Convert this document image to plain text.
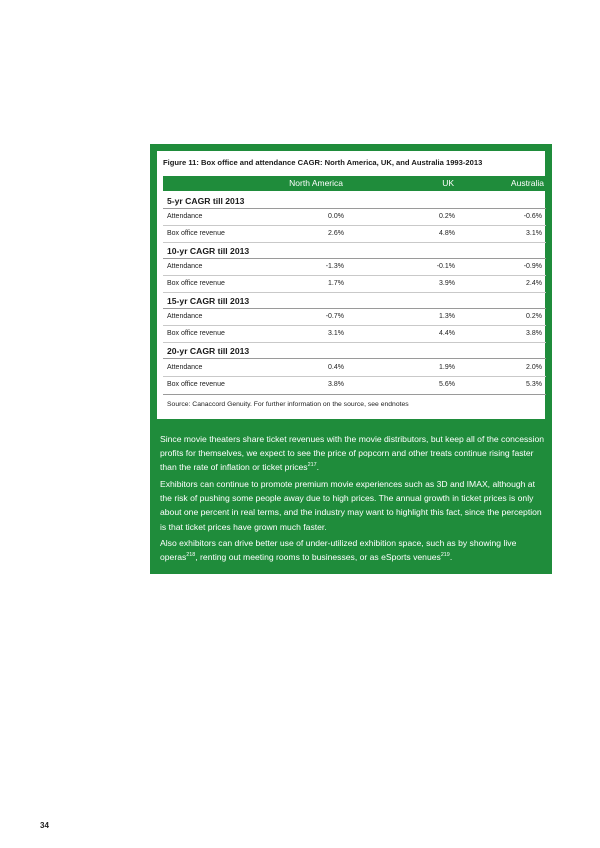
Figure 11: Box office and attendance CAGR: North America, UK, and Australia 1993-2013
North America	UK	Australia
5-yr CAGR till 2013
Attendance	0.0%	0.2%	-0.6%
Box office revenue	2.6%	4.8%	3.1%
10-yr CAGR till 2013
Attendance	-1.3%	-0.1%	-0.9%
Box office revenue	1.7%	3.9%	2.4%
15-yr CAGR till 2013
Attendance	-0.7%	1.3%	0.2%
Box office revenue	3.1%	4.4%	3.8%
20-yr CAGR till 2013
Attendance	0.4%	1.9%	2.0%
Box office revenue	3.8%	5.6%	5.3%
Source: Canaccord Genuity. For further information on the source, see endnotes

Since movie theaters share ticket revenues with the movie distributors, but keep all of the concession profits for themselves, we expect to see the price of popcorn and other treats continue rising faster than the rate of inflation or ticket prices$^{217}$.

Exhibitors can continue to promote premium movie experiences such as 3D and IMAX, although at the risk of pushing some people away due to high prices. The annual growth in ticket prices is only about one percent in real terms, and the industry may want to highlight this fact, since the perception is that ticket prices have grown much faster.

Also exhibitors can drive better use of under-utilized exhibition space, such as by showing live operas$^{218}$, renting out meeting rooms to businesses, or as eSports venues$^{219}$.

34
